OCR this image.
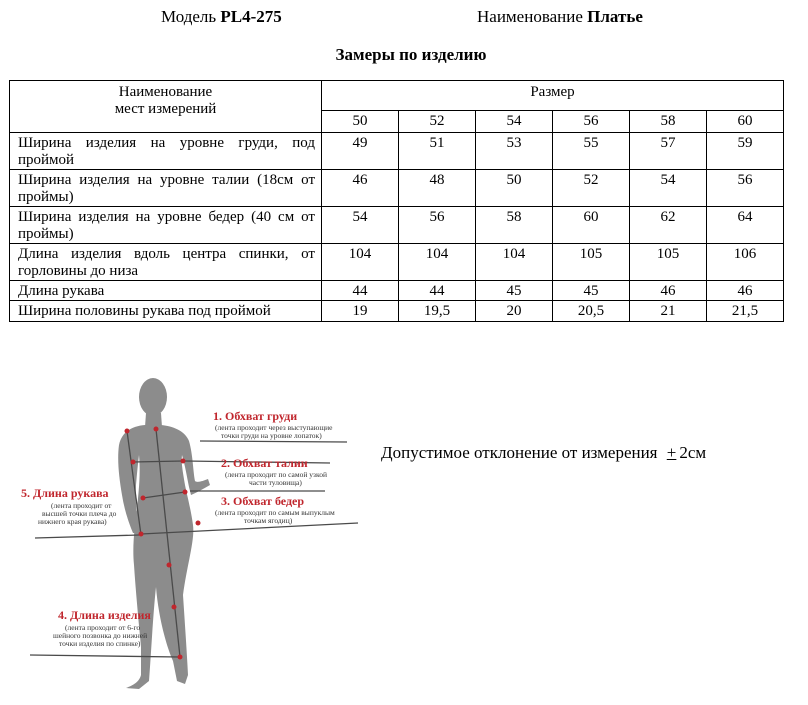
Модель PL4-275	Наименование Платье
Замеры по изделию
Наименование
мест измерений	Размер					
	50	52	54	56	58	60
Ширина изделия на уровне груди, под проймой	49	51	53	55	57	59
Ширина изделия на уровне талии (18см от проймы)	46	48	50	52	54	56
Ширина изделия на уровне бедер (40 см от проймы)	54	56	58	60	62	64
Длина изделия вдоль центра спинки, от горловины до низа	104	104	104	105	105	106
Длина рукава	44	44	45	45	46	46
Ширина половины рукава под проймой	19	19,5	20	20,5	21	21,5
1. Обхват груди
(лента проходит через выступающие
точки груди на уровне лопаток)
2. Обхват талии
(лента проходит по самой узкой
части туловища)
3. Обхват бедер
(лента проходит по самым выпуклым
точкам ягодиц)
5. Длина рукава
(лента проходит от
высшей точки плеча до
нижнего края рукава)
4. Длина изделия
(лента проходит от 6-го
шейного позвонка до нижней
точки изделия по спинке)
Допустимое отклонение от измерения + 2см
